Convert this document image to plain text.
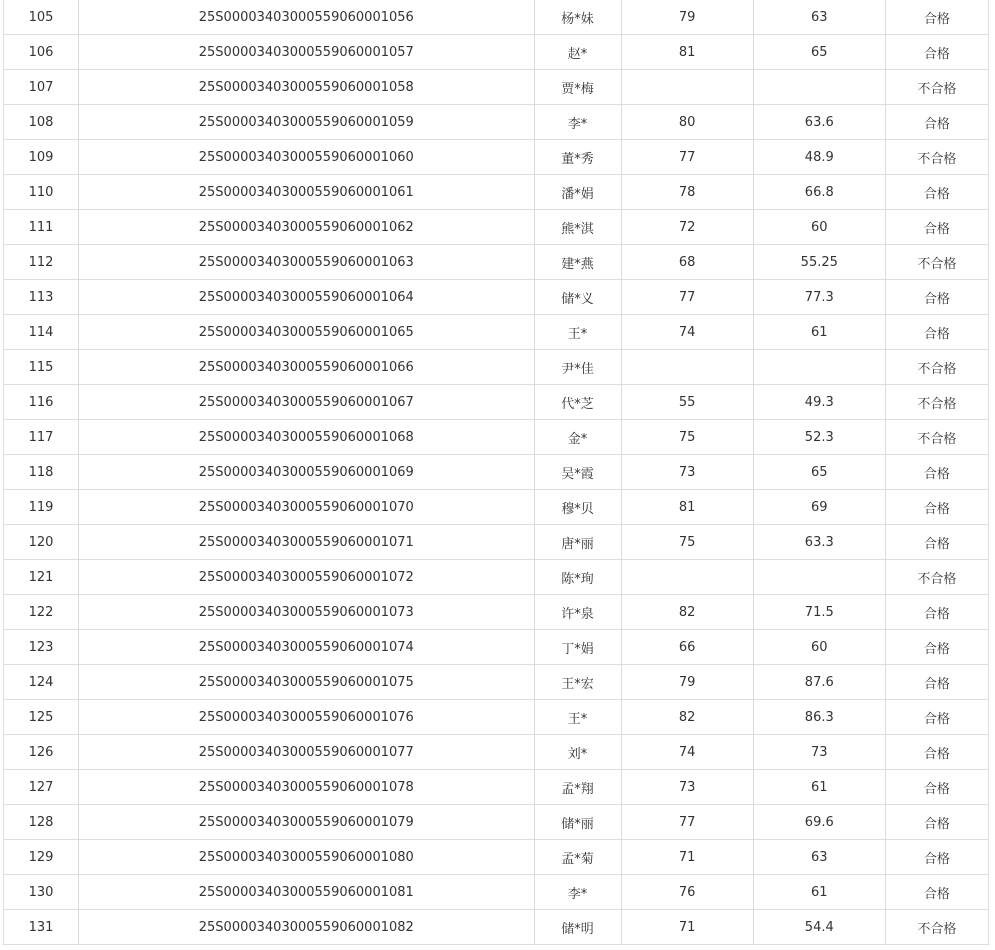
105	25S00003403000559060001056	杨*妹	79	63	合格
106	25S00003403000559060001057	赵*	81	65	合格
107	25S00003403000559060001058	贾*梅			不合格
108	25S00003403000559060001059	李*	80	63.6	合格
109	25S00003403000559060001060	董*秀	77	48.9	不合格
110	25S00003403000559060001061	潘*娟	78	66.8	合格
111	25S00003403000559060001062	熊*淇	72	60	合格
112	25S00003403000559060001063	建*燕	68	55.25	不合格
113	25S00003403000559060001064	储*义	77	77.3	合格
114	25S00003403000559060001065	王*	74	61	合格
115	25S00003403000559060001066	尹*佳			不合格
116	25S00003403000559060001067	代*芝	55	49.3	不合格
117	25S00003403000559060001068	金*	75	52.3	不合格
118	25S00003403000559060001069	吴*霞	73	65	合格
119	25S00003403000559060001070	穆*贝	81	69	合格
120	25S00003403000559060001071	唐*丽	75	63.3	合格
121	25S00003403000559060001072	陈*珣			不合格
122	25S00003403000559060001073	许*泉	82	71.5	合格
123	25S00003403000559060001074	丁*娟	66	60	合格
124	25S00003403000559060001075	王*宏	79	87.6	合格
125	25S00003403000559060001076	王*	82	86.3	合格
126	25S00003403000559060001077	刘*	74	73	合格
127	25S00003403000559060001078	孟*翔	73	61	合格
128	25S00003403000559060001079	储*丽	77	69.6	合格
129	25S00003403000559060001080	孟*菊	71	63	合格
130	25S00003403000559060001081	李*	76	61	合格
131	25S00003403000559060001082	储*明	71	54.4	不合格
